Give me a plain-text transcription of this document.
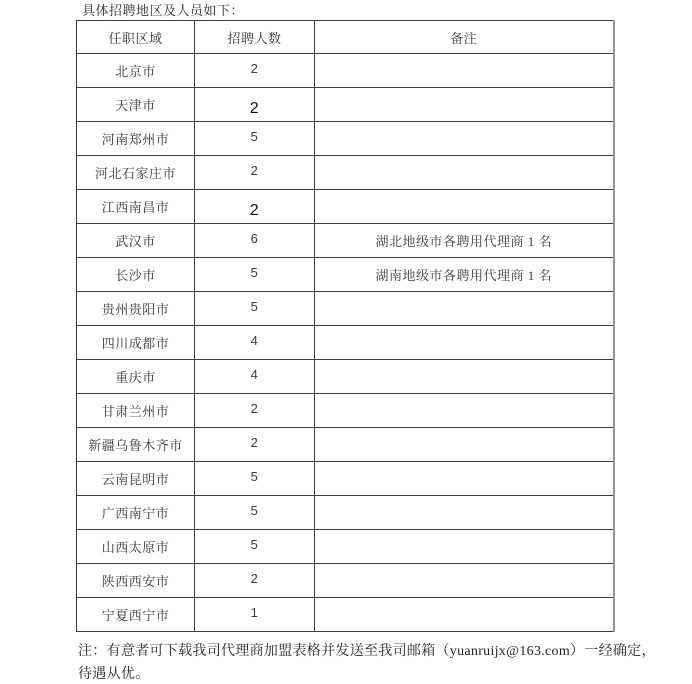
具体招聘地区及人员如下：

任职区域	招聘人数	备注
北京市	2	
天津市	2	
河南郑州市	5	
河北石家庄市	2	
江西南昌市	2	
武汉市	6	湖北地级市各聘用代理商 1 名
长沙市	5	湖南地级市各聘用代理商 1 名
贵州贵阳市	5	
四川成都市	4	
重庆市	4	
甘肃兰州市	2	
新疆乌鲁木齐市	2	
云南昆明市	5	
广西南宁市	5	
山西太原市	5	
陕西西安市	2	
宁夏西宁市	1	

注：有意者可下载我司代理商加盟表格并发送至我司邮箱（yuanruijx@163.com）一经确定，
待遇从优。
